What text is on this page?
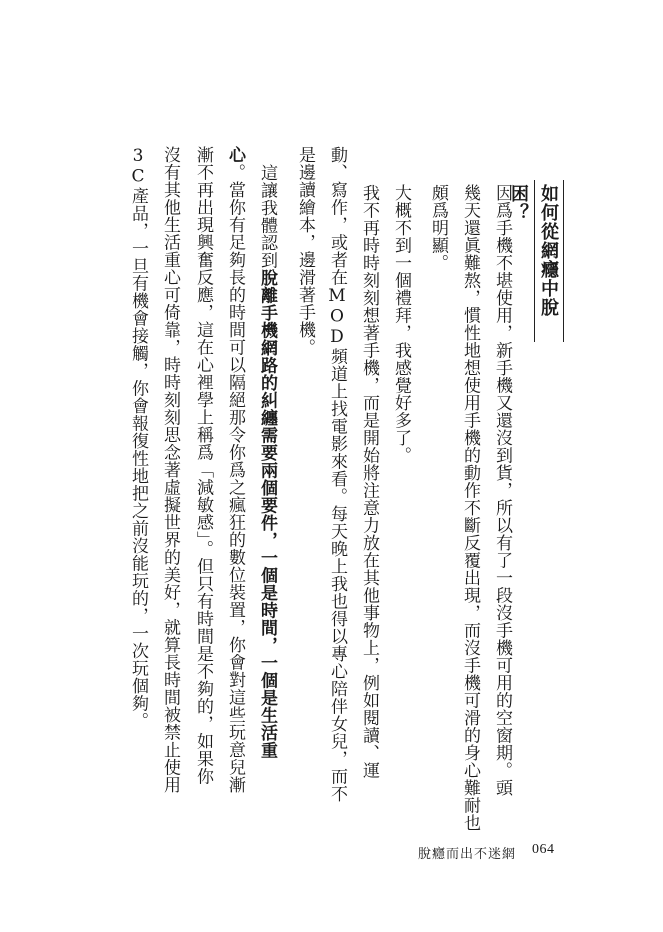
如何從網癮中脫困？
因爲手機不堪使用，新手機又還沒到貨，所以有了一段沒手機可用的空窗期。頭
幾天還眞難熬，慣性地想使用手機的動作不斷反覆出現，而沒手機可滑的身心難耐也
頗爲明顯。
大概不到一個禮拜，我感覺好多了。
我不再時時刻刻想著手機，而是開始將注意力放在其他事物上，例如閱讀、運
動、寫作，或者在MOD頻道上找電影來看。每天晚上我也得以專心陪伴女兒，而不
是邊讀繪本，邊滑著手機。
這讓我體認到脫離手機網路的糾纏需要兩個要件，一個是時間，一個是生活重
心。當你有足夠長的時間可以隔絕那令你爲之瘋狂的數位裝置，你會對這些玩意兒漸
漸不再出現興奮反應，這在心裡學上稱爲「減敏感」。但只有時間是不夠的，如果你
沒有其他生活重心可倚靠，時時刻刻思念著虛擬世界的美好，就算長時間被禁止使用
3C產品，一旦有機會接觸，你會報復性地把之前沒能玩的，一次玩個夠。
脫癮而出不迷網 064
